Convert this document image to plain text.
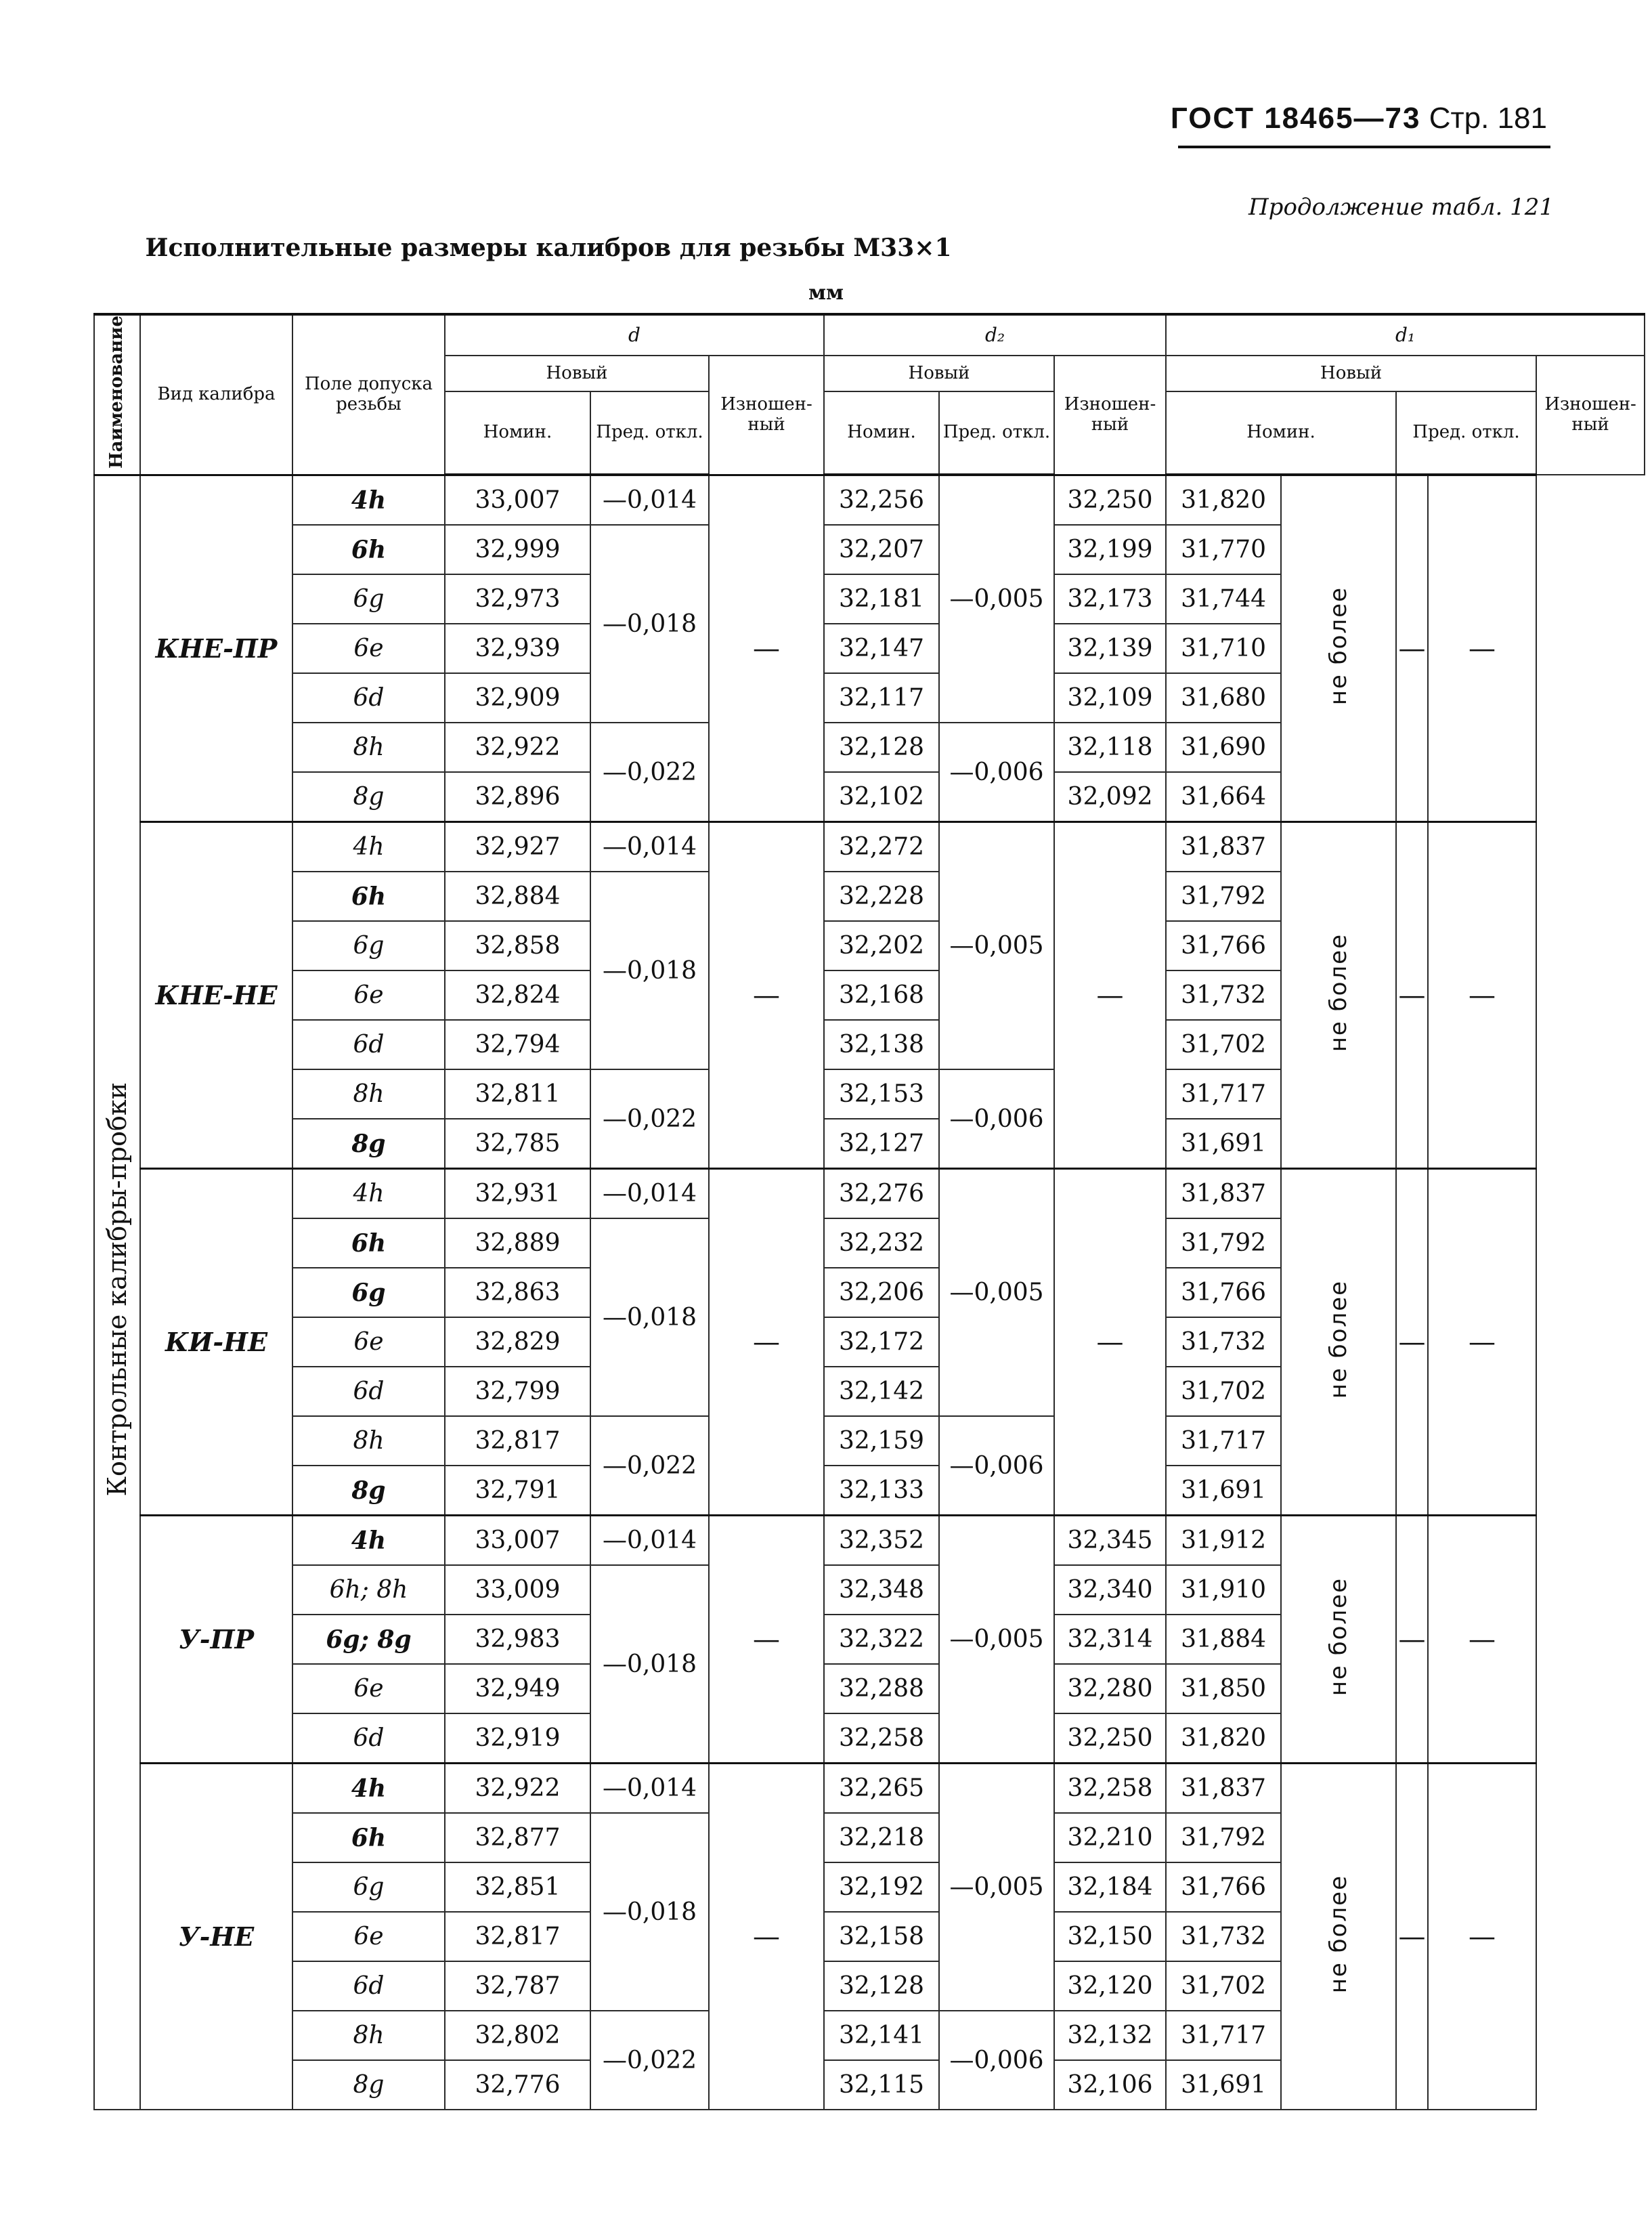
ГОСТ 18465—73 Стр. 181
Продолжение табл. 121
Исполнительные размеры калибров для резьбы М33×1
мм
Наименование	Вид калибра	Поле допуска резьбы	d			d₂			d₁				
			Новый		Изношен-ный	Новый		Изношен-ный	Новый				Изношен-ный
			Номин.	Пред. откл.		Номин.	Пред. откл.		Номин.		Пред. откл.		
Контрольные калибры-пробки	КНЕ-ПР	4h	33,007	—0,014	—	32,256	—0,005	32,250	31,820	не более	—	—	
		6h	32,999	—0,018		32,207		32,199	31,770				
		6g	32,973			32,181		32,173	31,744				
		6e	32,939			32,147		32,139	31,710				
		6d	32,909			32,117		32,109	31,680				
		8h	32,922	—0,022		32,128	—0,006	32,118	31,690				
		8g	32,896			32,102		32,092	31,664				
	КНЕ-НЕ	4h	32,927	—0,014	—	32,272	—0,005	—	31,837	не более	—	—	
		6h	32,884	—0,018		32,228			31,792				
		6g	32,858			32,202			31,766				
		6e	32,824			32,168			31,732				
		6d	32,794			32,138			31,702				
		8h	32,811	—0,022		32,153	—0,006		31,717				
		8g	32,785			32,127			31,691				
	КИ-НЕ	4h	32,931	—0,014	—	32,276	—0,005	—	31,837	не более	—	—	
		6h	32,889	—0,018		32,232			31,792				
		6g	32,863			32,206			31,766				
		6e	32,829			32,172			31,732				
		6d	32,799			32,142			31,702				
		8h	32,817	—0,022		32,159	—0,006		31,717				
		8g	32,791			32,133			31,691				
	У-ПР	4h	33,007	—0,014	—	32,352	—0,005	32,345	31,912	не более	—	—	
		6h; 8h	33,009	—0,018		32,348		32,340	31,910				
		6g; 8g	32,983			32,322		32,314	31,884				
		6e	32,949			32,288		32,280	31,850				
		6d	32,919			32,258		32,250	31,820				
	У-НЕ	4h	32,922	—0,014	—	32,265	—0,005	32,258	31,837	не более	—	—	
		6h	32,877	—0,018		32,218		32,210	31,792				
		6g	32,851			32,192		32,184	31,766				
		6e	32,817			32,158		32,150	31,732				
		6d	32,787			32,128		32,120	31,702				
		8h	32,802	—0,022		32,141	—0,006	32,132	31,717				
		8g	32,776			32,115		32,106	31,691				
